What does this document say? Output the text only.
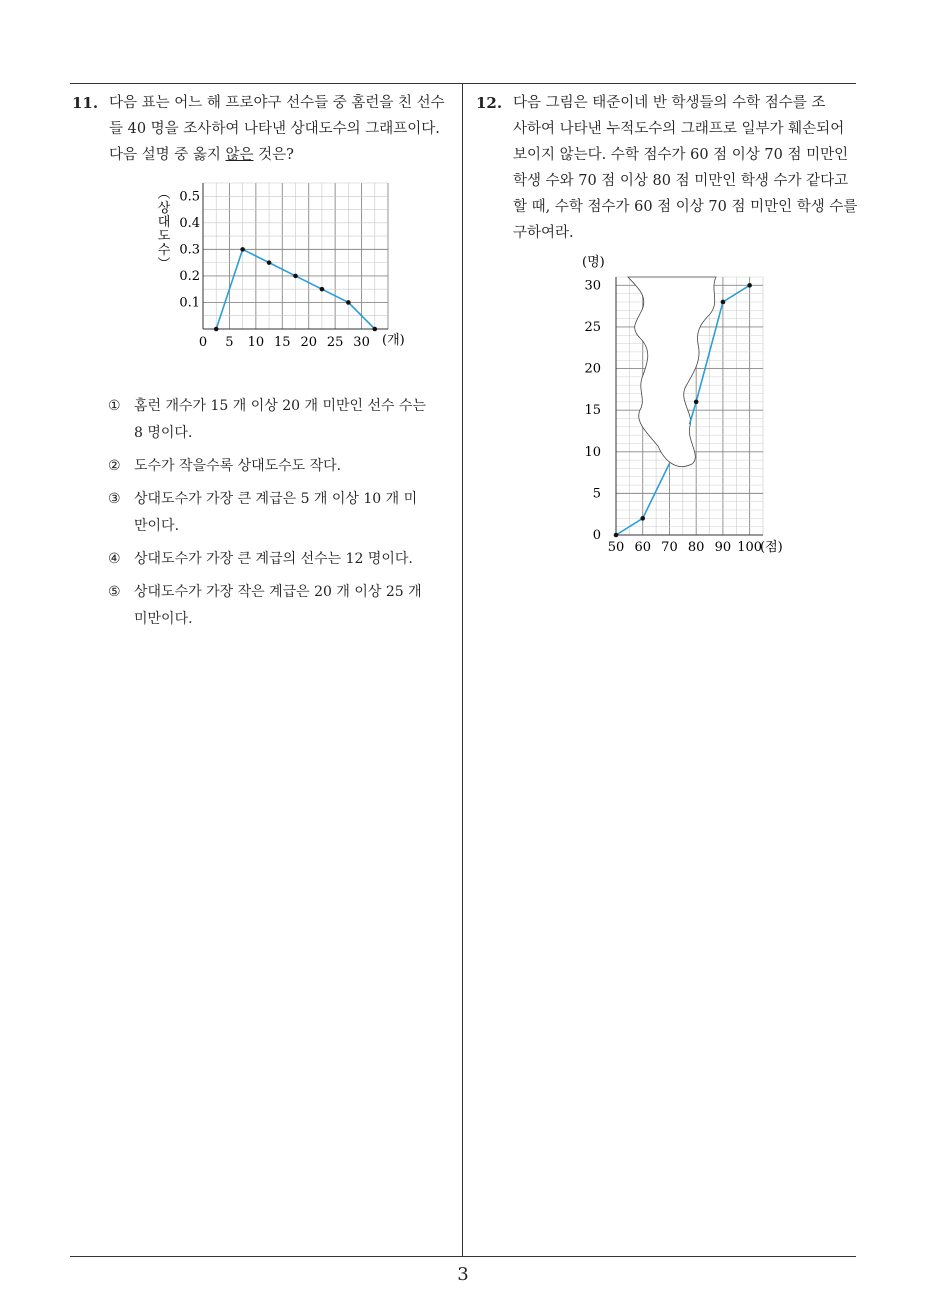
3
11. 다음 표는 어느 해 프로야구 선수들 중 홈런을 친 선수
들 40 명을 조사하여 나타낸 상대도수의 그래프이다.
다음 설명 중 옳지 않은 것은?
0 5 10 15 20 25 30
0.1
0.2
0.3
0.4
0.5
︵ 상 대 도 수 ︶
(개)
① 홈런 개수가 15 개 이상 20 개 미만인 선수 수는
8 명이다.
② 도수가 작을수록 상대도수도 작다.
③ 상대도수가 가장 큰 계급은 5 개 이상 10 개 미
만이다.
④ 상대도수가 가장 큰 계급의 선수는 12 명이다.
⑤ 상대도수가 가장 작은 계급은 20 개 이상 25 개
미만이다.
12. 다음 그림은 태준이네 반 학생들의 수학 점수를 조
사하여 나타낸 누적도수의 그래프로 일부가 훼손되어
보이지 않는다. 수학 점수가 60 점 이상 70 점 미만인
학생 수와 70 점 이상 80 점 미만인 학생 수가 같다고
할 때, 수학 점수가 60 점 이상 70 점 미만인 학생 수를
구하여라.
50 60 70 80 90 100
0
5
10
15
20
25
30
(명)
(점)
